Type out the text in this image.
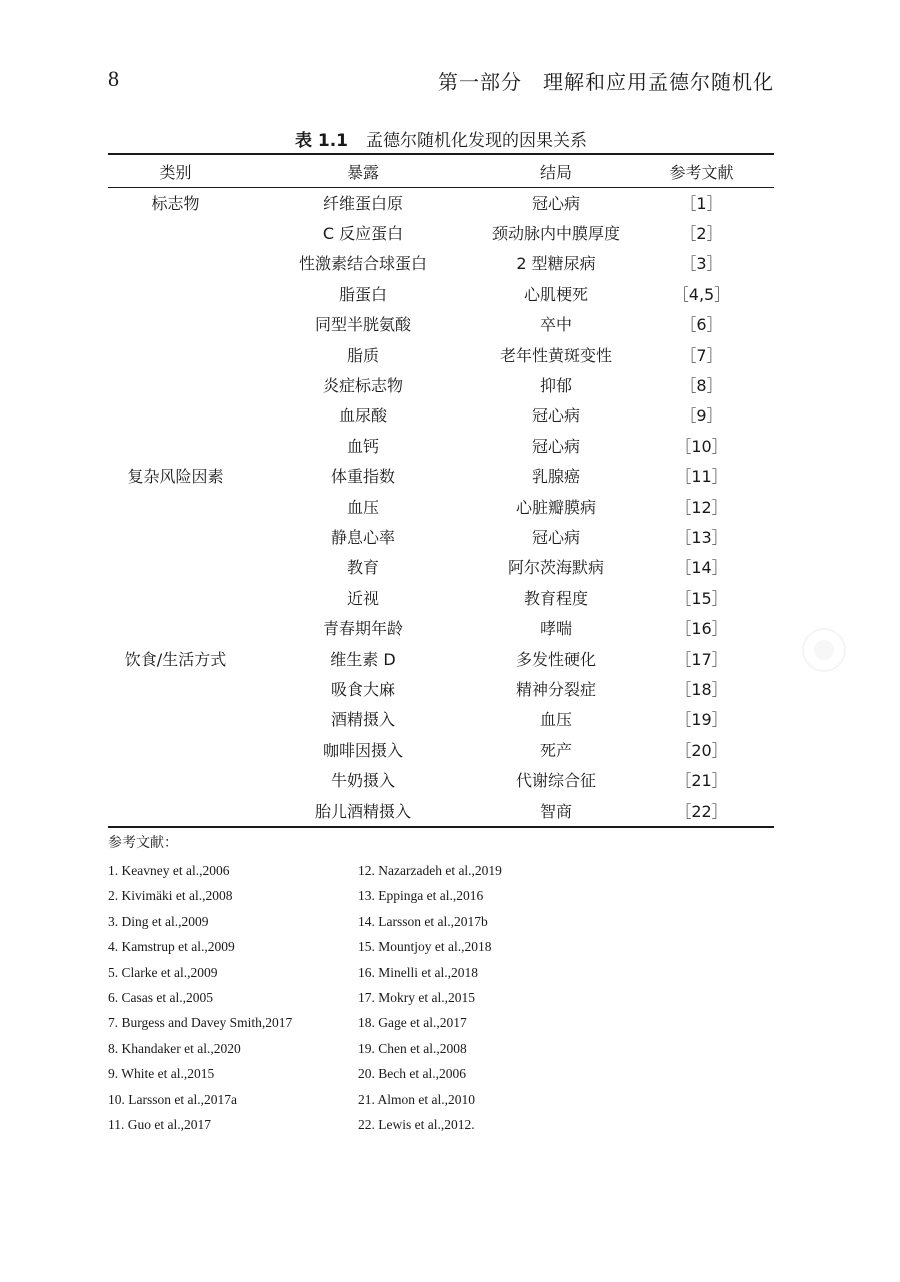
8	第一部分　理解和应用孟德尔随机化
表 1.1 孟德尔随机化发现的因果关系
类别	暴露	结局	参考文献
标志物	纤维蛋白原	冠心病	［1］
	C 反应蛋白	颈动脉内中膜厚度	［2］
	性激素结合球蛋白	2 型糖尿病	［3］
	脂蛋白	心肌梗死	［4,5］
	同型半胱氨酸	卒中	［6］
	脂质	老年性黄斑变性	［7］
	炎症标志物	抑郁	［8］
	血尿酸	冠心病	［9］
	血钙	冠心病	［10］
复杂风险因素	体重指数	乳腺癌	［11］
	血压	心脏瓣膜病	［12］
	静息心率	冠心病	［13］
	教育	阿尔茨海默病	［14］
	近视	教育程度	［15］
	青春期年龄	哮喘	［16］
饮食/生活方式	维生素 D	多发性硬化	［17］
	吸食大麻	精神分裂症	［18］
	酒精摄入	血压	［19］
	咖啡因摄入	死产	［20］
	牛奶摄入	代谢综合征	［21］
	胎儿酒精摄入	智商	［22］
参考文献：
1. Keavney et al.,2006
2. Kivimäki et al.,2008
3. Ding et al.,2009
4. Kamstrup et al.,2009
5. Clarke et al.,2009
6. Casas et al.,2005
7. Burgess and Davey Smith,2017
8. Khandaker et al.,2020
9. White et al.,2015
10. Larsson et al.,2017a
11. Guo et al.,2017
12. Nazarzadeh et al.,2019
13. Eppinga et al.,2016
14. Larsson et al.,2017b
15. Mountjoy et al.,2018
16. Minelli et al.,2018
17. Mokry et al.,2015
18. Gage et al.,2017
19. Chen et al.,2008
20. Bech et al.,2006
21. Almon et al.,2010
22. Lewis et al.,2012.
